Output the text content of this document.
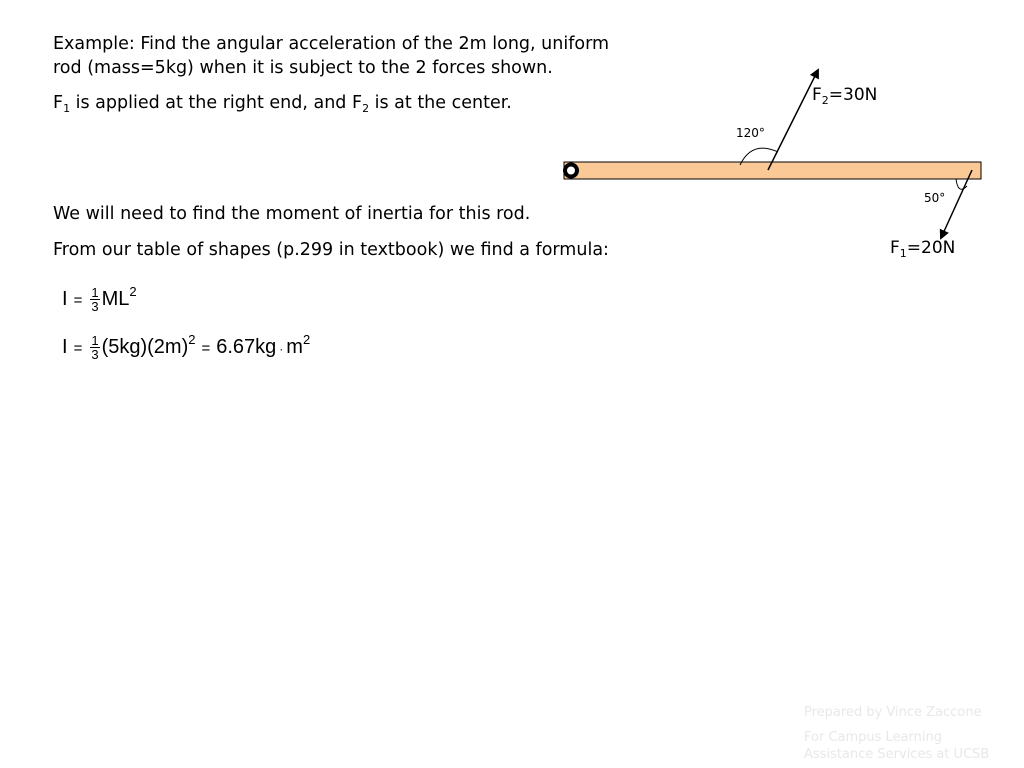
Example: Find the angular acceleration of the 2m long, uniform
rod (mass=5kg) when it is subject to the 2 forces shown.
$F_1$ is applied at the right end, and $F_2$ is at the center.
We will need to find the moment of inertia for this rod.
From our table of shapes (p.299 in textbook) we find a formula:
$I = \frac{1}{3} ML^2$
$I = \frac{1}{3} (5kg)(2m)^2= 6.67kg \cdot m^2$
$F_2=30N$
$F_1=20N$
120°
50°
Prepared by Vince Zaccone
For Campus Learning
Assistance Services at UCSB
